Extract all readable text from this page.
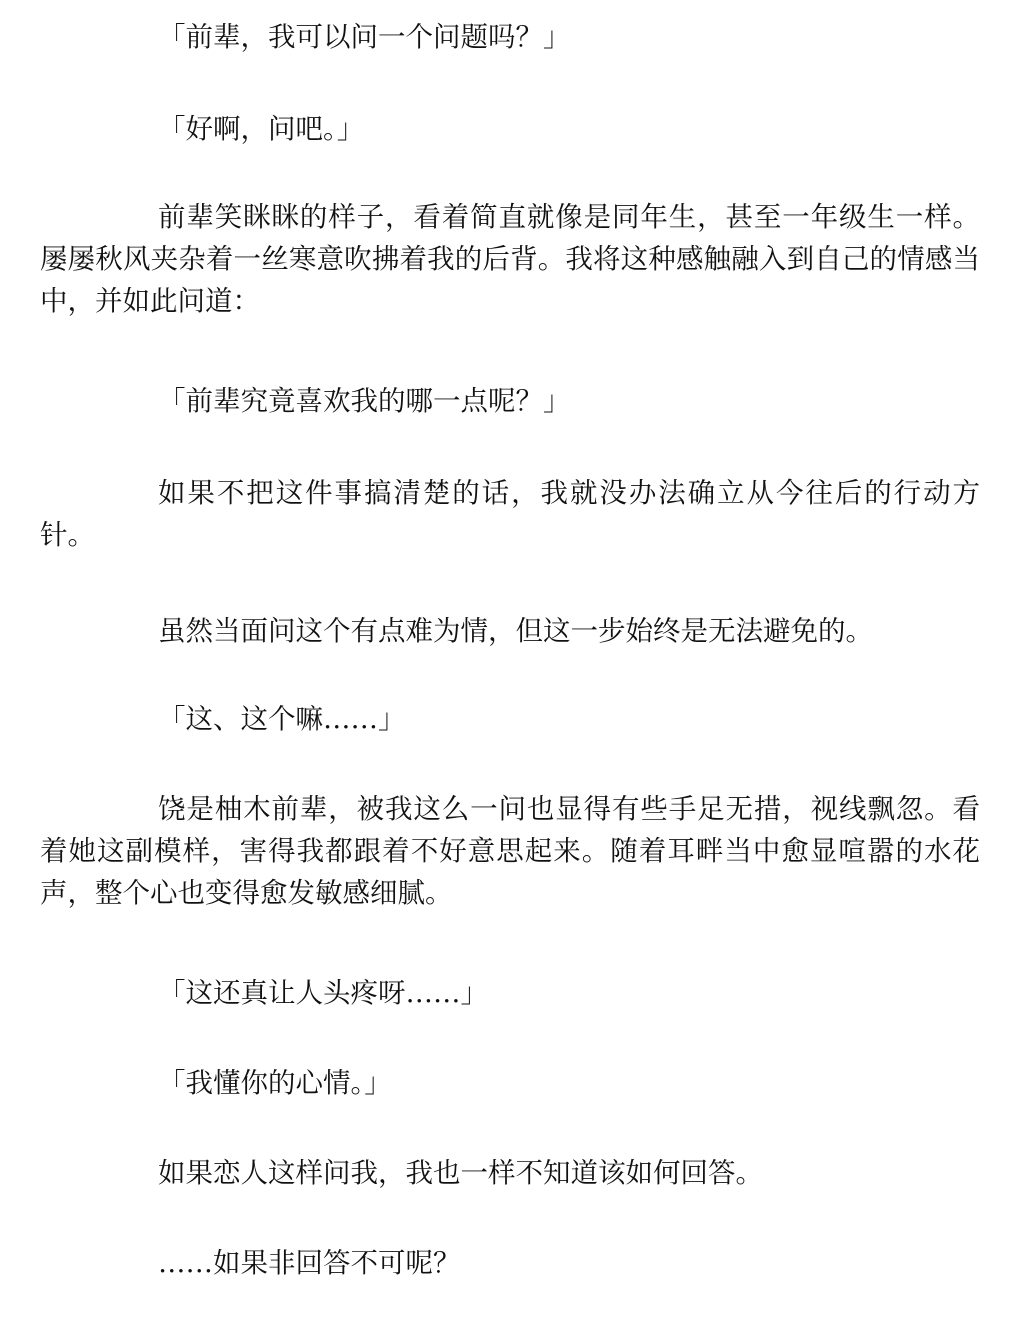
「前辈，我可以问一个问题吗？」

「好啊，问吧。」

前辈笑眯眯的样子，看着简直就像是同年生，甚至一年级生一样。屡屡秋风夹杂着一丝寒意吹拂着我的后背。我将这种感触融入到自己的情感当中，并如此问道：

「前辈究竟喜欢我的哪一点呢？」

如果不把这件事搞清楚的话，我就没办法确立从今往后的行动方针。

虽然当面问这个有点难为情，但这一步始终是无法避免的。

「这、这个嘛……」

饶是柚木前辈，被我这么一问也显得有些手足无措，视线飘忽。看着她这副模样，害得我都跟着不好意思起来。随着耳畔当中愈显喧嚣的水花声，整个心也变得愈发敏感细腻。

「这还真让人头疼呀……」

「我懂你的心情。」

如果恋人这样问我，我也一样不知道该如何回答。

……如果非回答不可呢？
